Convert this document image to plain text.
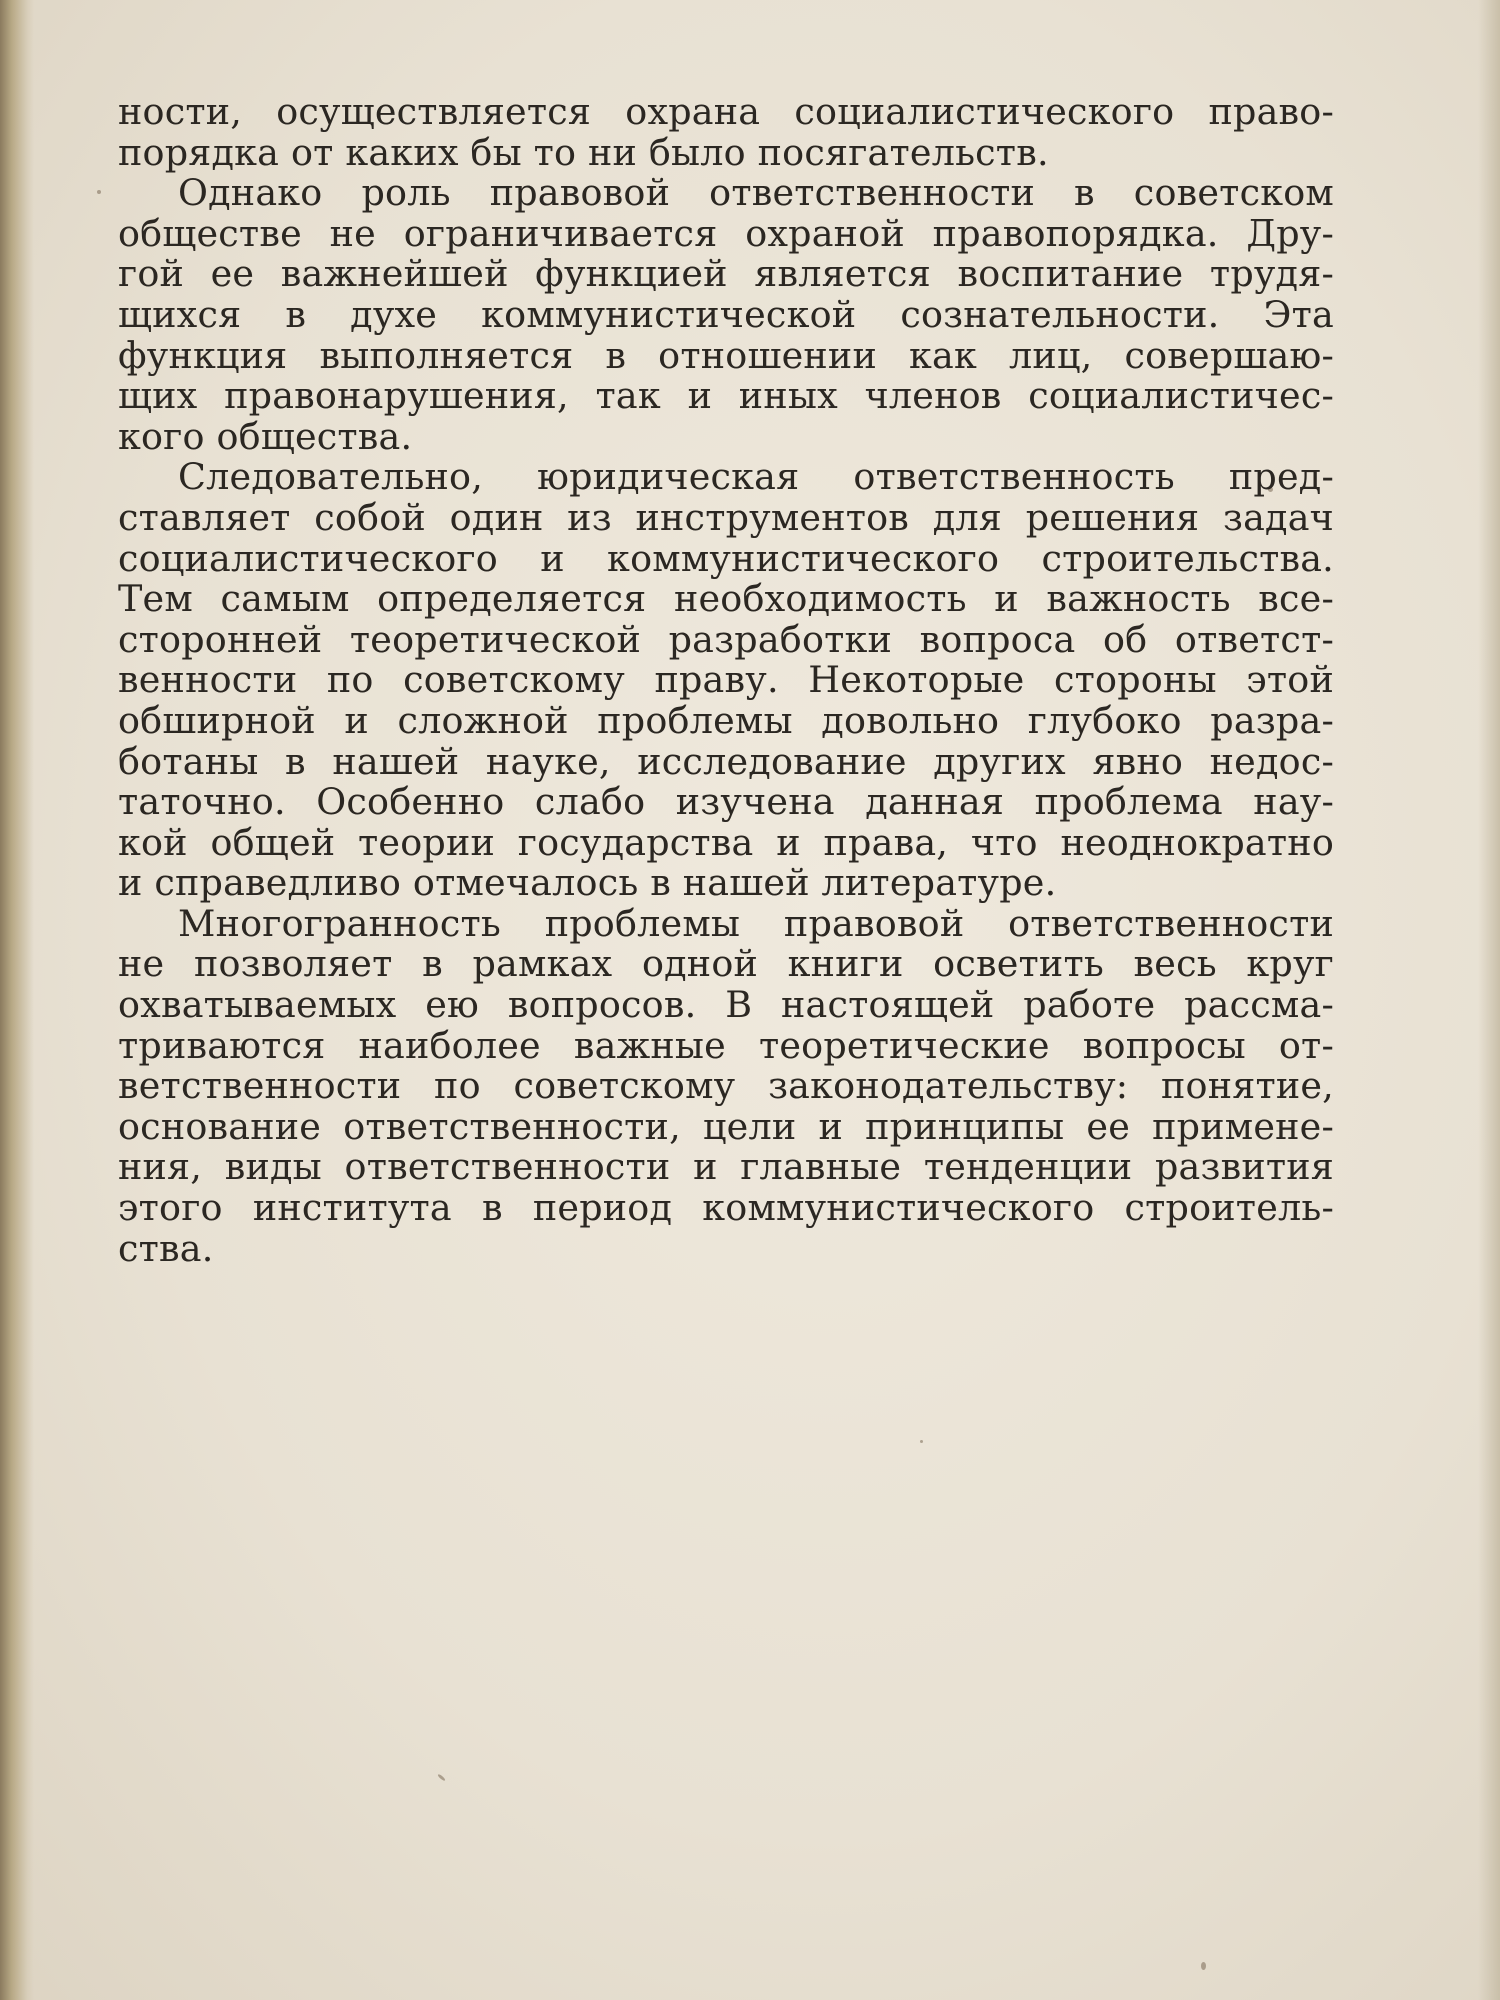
ности, осуществляется охрана социалистического право-
порядка от каких бы то ни было посягательств.
Однако роль правовой ответственности в советском
обществе не ограничивается охраной правопорядка. Дру-
гой ее важнейшей функцией является воспитание трудя-
щихся в духе коммунистической сознательности. Эта
функция выполняется в отношении как лиц, совершаю-
щих правонарушения, так и иных членов социалистичес-
кого общества.
Следовательно, юридическая ответственность пред-
ставляет собой один из инструментов для решения задач
социалистического и коммунистического строительства.
Тем самым определяется необходимость и важность все-
сторонней теоретической разработки вопроса об ответст-
венности по советскому праву. Некоторые стороны этой
обширной и сложной проблемы довольно глубоко разра-
ботаны в нашей науке, исследование других явно недос-
таточно. Особенно слабо изучена данная проблема нау-
кой общей теории государства и права, что неоднократно
и справедливо отмечалось в нашей литературе.
Многогранность проблемы правовой ответственности
не позволяет в рамках одной книги осветить весь круг
охватываемых ею вопросов. В настоящей работе рассма-
триваются наиболее важные теоретические вопросы от-
ветственности по советскому законодательству: понятие,
основание ответственности, цели и принципы ее примене-
ния, виды ответственности и главные тенденции развития
этого института в период коммунистического строитель-
ства.
